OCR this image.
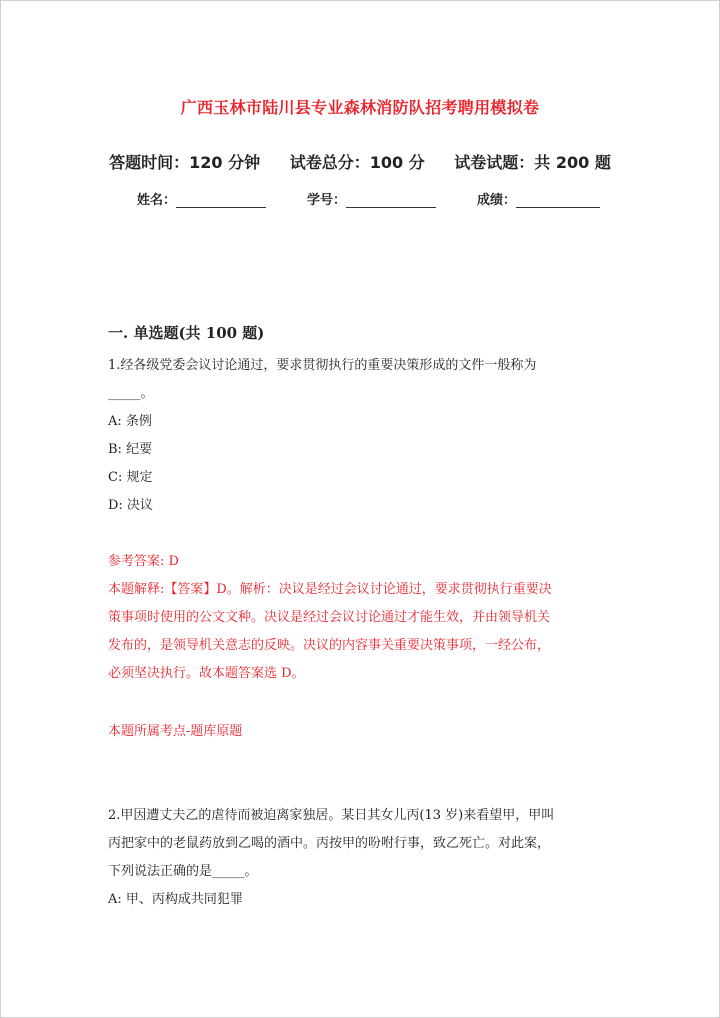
广西玉林市陆川县专业森林消防队招考聘用模拟卷
答题时间：120 分钟 试卷总分：100 分 试卷试题：共 200 题
姓名：	学号：	成绩：
一. 单选题(共 100 题)

1.经各级党委会议讨论通过，要求贯彻执行的重要决策形成的文件一般称为

_____。

A: 条例

B: 纪要

C: 规定

D: 决议

参考答案: D

本题解释:【答案】D。解析：决议是经过会议讨论通过，要求贯彻执行重要决

策事项时使用的公文文种。决议是经过会议讨论通过才能生效，并由领导机关

发布的，是领导机关意志的反映。决议的内容事关重要决策事项，一经公布，

必须坚决执行。故本题答案选 D。

本题所属考点-题库原题

2.甲因遭丈夫乙的虐待而被迫离家独居。某日其女儿丙(13 岁)来看望甲，甲叫

丙把家中的老鼠药放到乙喝的酒中。丙按甲的吩咐行事，致乙死亡。对此案，

下列说法正确的是_____。

A: 甲、丙构成共同犯罪
